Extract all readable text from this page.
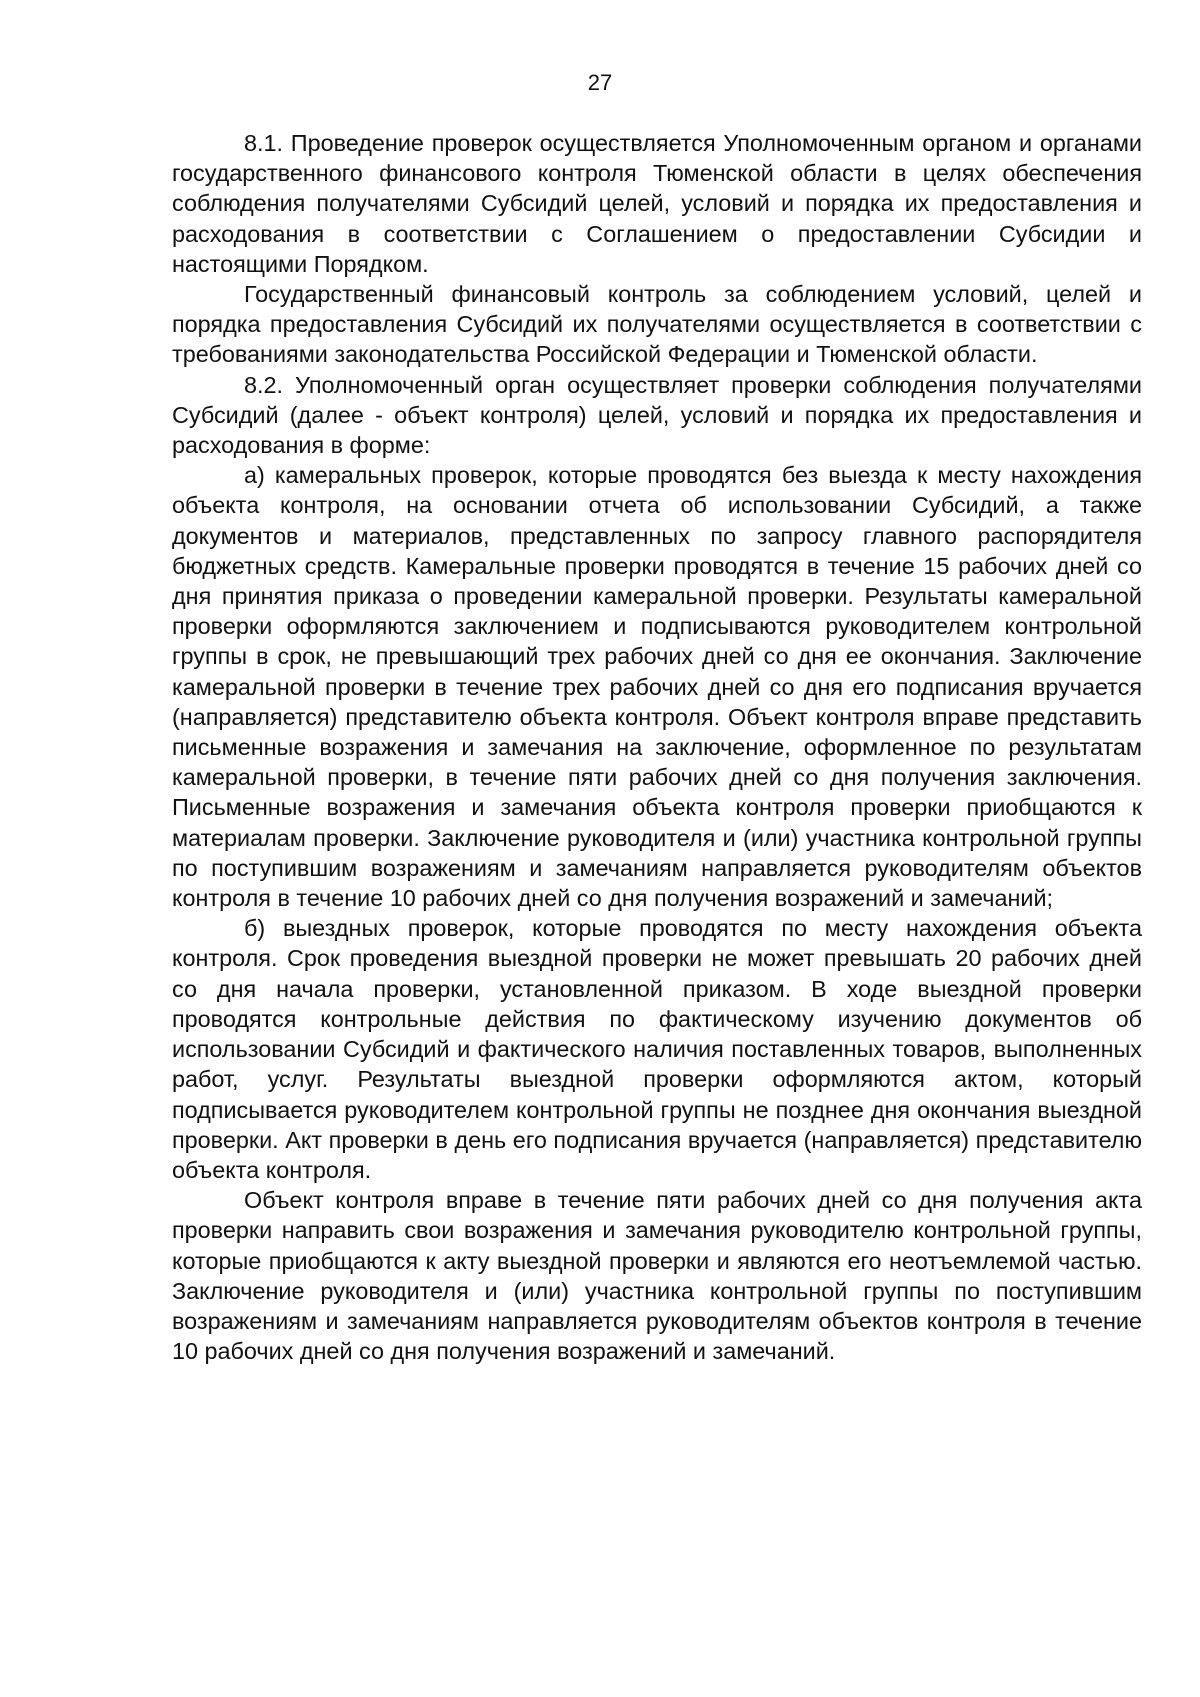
27

8.1. Проведение проверок осуществляется Уполномоченным органом и органами государственного финансового контроля Тюменской области в целях обеспечения соблюдения получателями Субсидий целей, условий и порядка их предоставления и расходования в соответствии с Соглашением о предоставлении Субсидии и настоящими Порядком.

Государственный финансовый контроль за соблюдением условий, целей и порядка предоставления Субсидий их получателями осуществляется в соответствии с требованиями законодательства Российской Федерации и Тюменской области.

8.2. Уполномоченный орган осуществляет проверки соблюдения получателями Субсидий (далее - объект контроля) целей, условий и порядка их предоставления и расходования в форме:

а) камеральных проверок, которые проводятся без выезда к месту нахождения объекта контроля, на основании отчета об использовании Субсидий, а также документов и материалов, представленных по запросу главного распорядителя бюджетных средств. Камеральные проверки проводятся в течение 15 рабочих дней со дня принятия приказа о проведении камеральной проверки. Результаты камеральной проверки оформляются заключением и подписываются руководителем контрольной группы в срок, не превышающий трех рабочих дней со дня ее окончания. Заключение камеральной проверки в течение трех рабочих дней со дня его подписания вручается (направляется) представителю объекта контроля. Объект контроля вправе представить письменные возражения и замечания на заключение, оформленное по результатам камеральной проверки, в течение пяти рабочих дней со дня получения заключения. Письменные возражения и замечания объекта контроля проверки приобщаются к материалам проверки. Заключение руководителя и (или) участника контрольной группы по поступившим возражениям и замечаниям направляется руководителям объектов контроля в течение 10 рабочих дней со дня получения возражений и замечаний;

б) выездных проверок, которые проводятся по месту нахождения объекта контроля. Срок проведения выездной проверки не может превышать 20 рабочих дней со дня начала проверки, установленной приказом. В ходе выездной проверки проводятся контрольные действия по фактическому изучению документов об использовании Субсидий и фактического наличия поставленных товаров, выполненных работ, услуг. Результаты выездной проверки оформляются актом, который подписывается руководителем контрольной группы не позднее дня окончания выездной проверки. Акт проверки в день его подписания вручается (направляется) представителю объекта контроля.

Объект контроля вправе в течение пяти рабочих дней со дня получения акта проверки направить свои возражения и замечания руководителю контрольной группы, которые приобщаются к акту выездной проверки и являются его неотъемлемой частью. Заключение руководителя и (или) участника контрольной группы по поступившим возражениям и замечаниям направляется руководителям объектов контроля в течение 10 рабочих дней со дня получения возражений и замечаний.
